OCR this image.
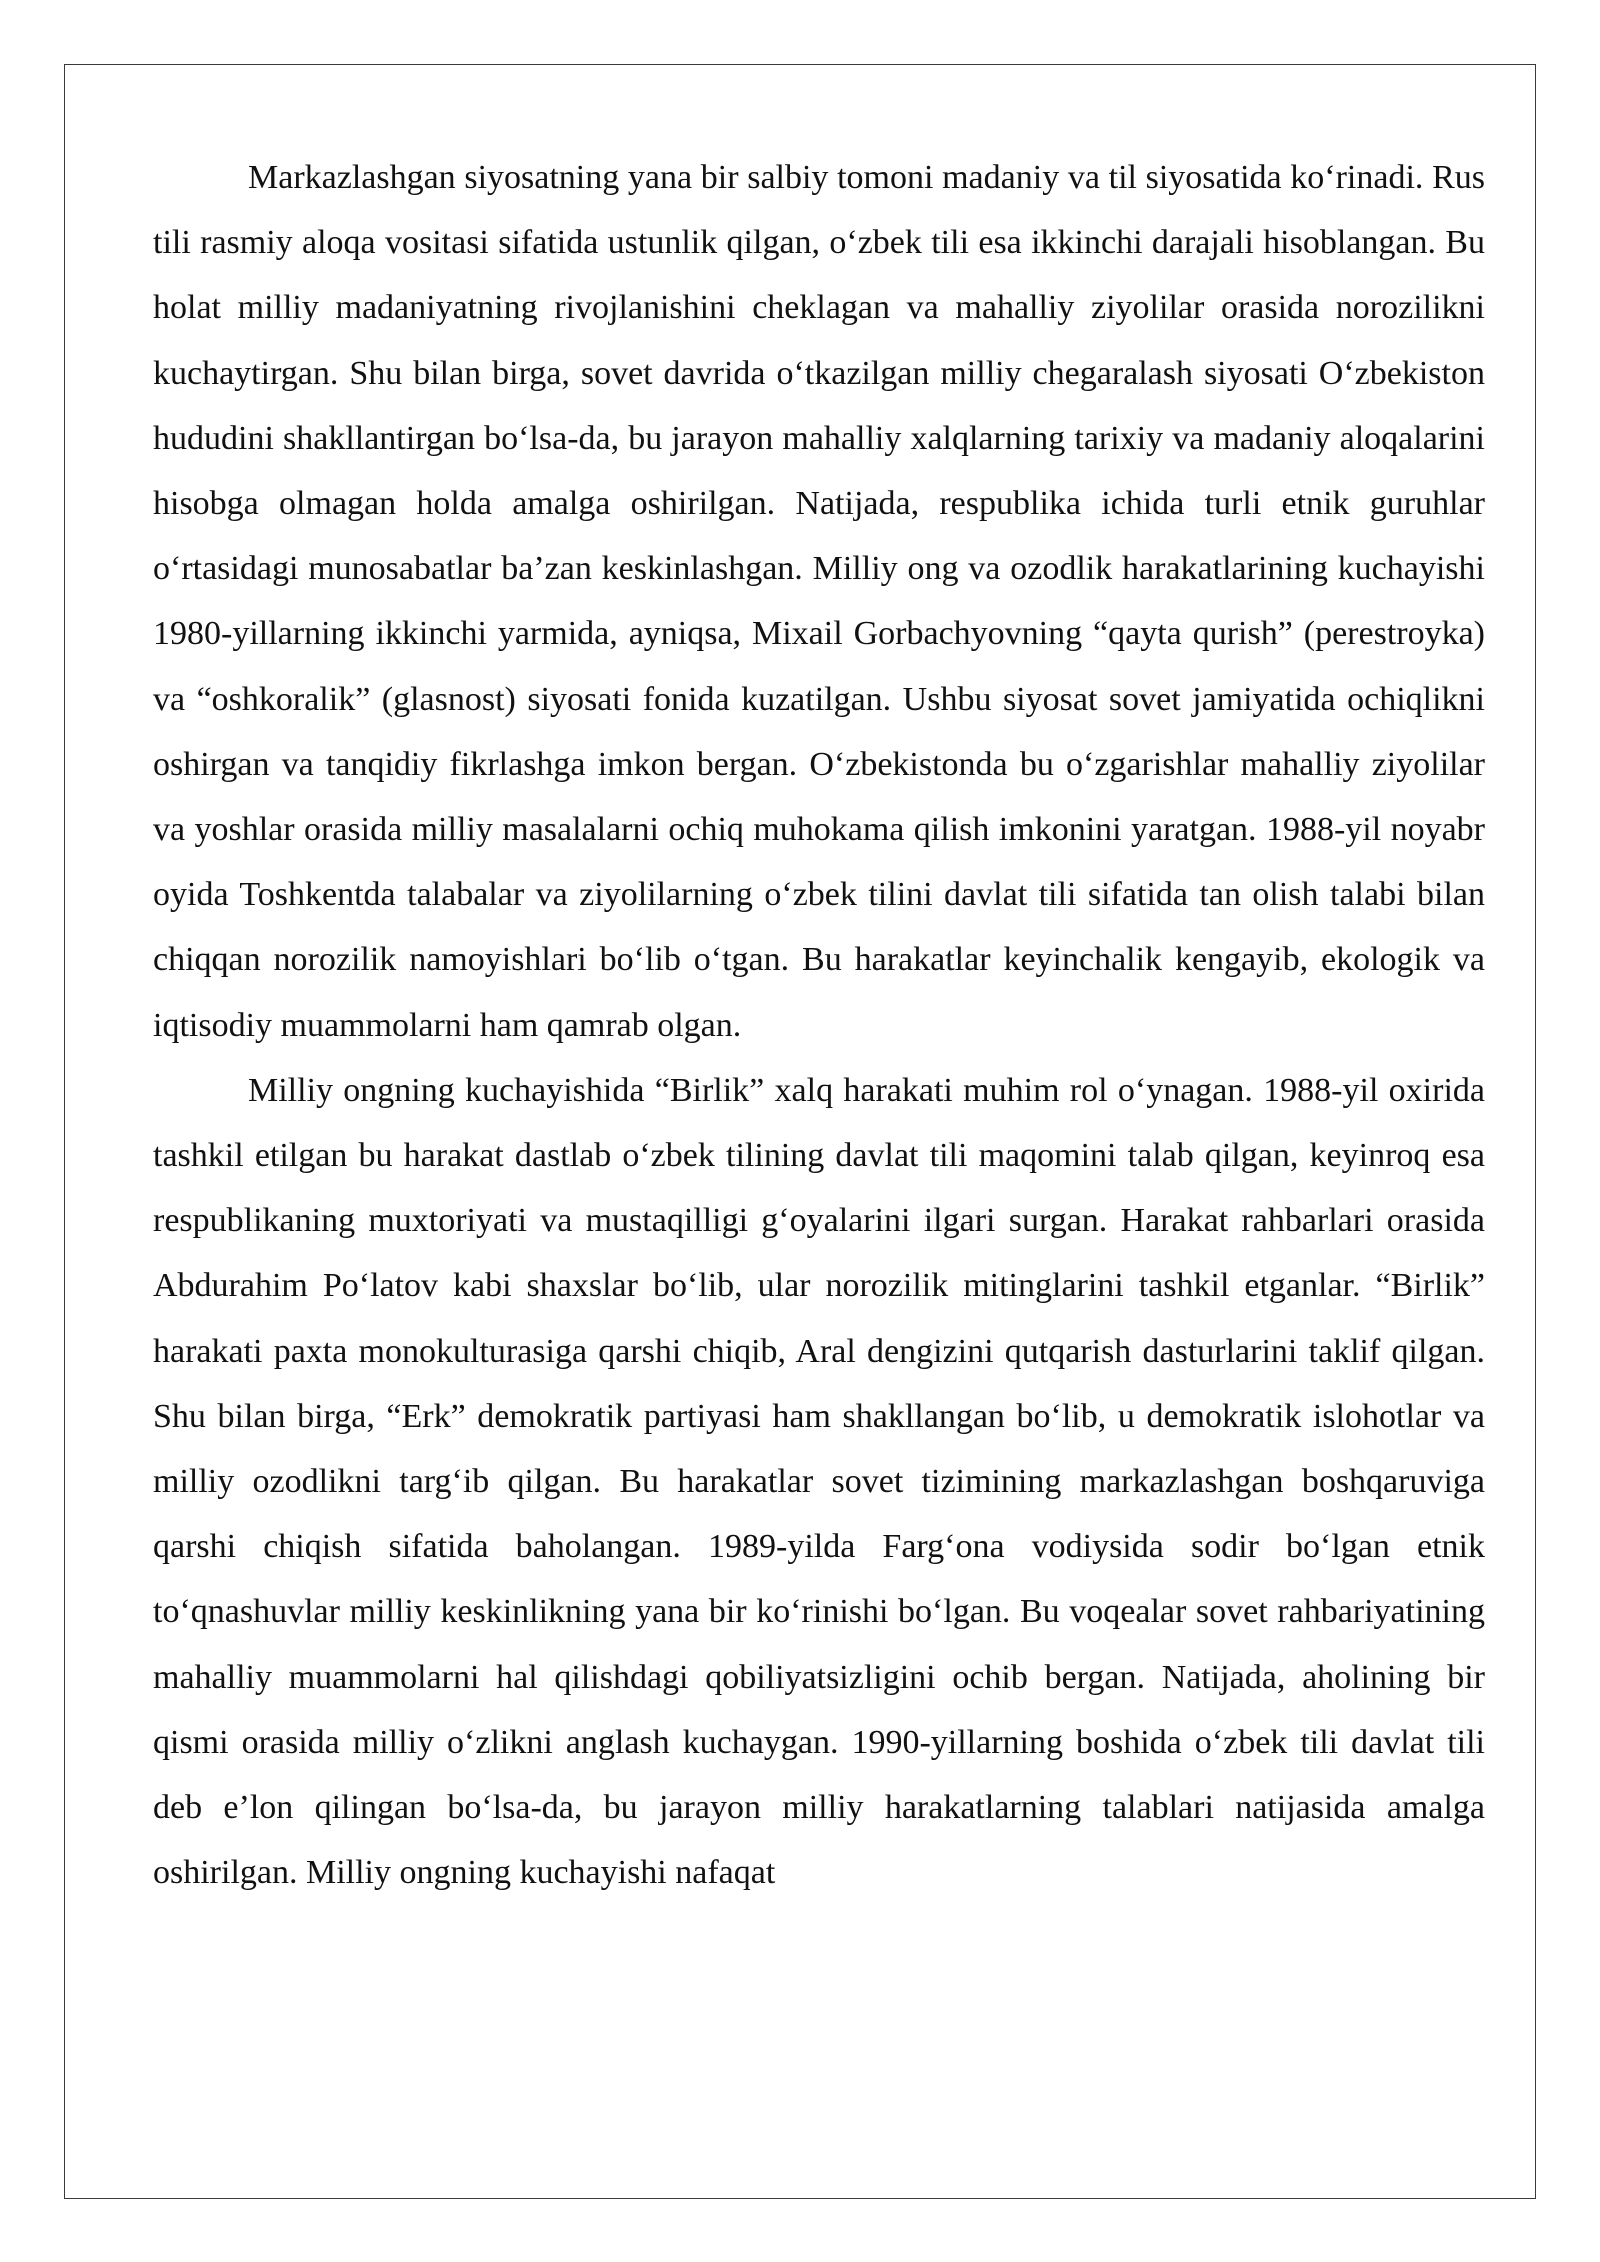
Markazlashgan siyosatning yana bir salbiy tomoni madaniy va til siyosatida ko‘rinadi. Rus tili rasmiy aloqa vositasi sifatida ustunlik qilgan, o‘zbek tili esa ikkinchi darajali hisoblangan. Bu holat milliy madaniyatning rivojlanishini cheklagan va mahalliy ziyolilar orasida norozilikni kuchaytirgan. Shu bilan birga, sovet davrida o‘tkazilgan milliy chegaralash siyosati O‘zbekiston hududini shakllantirgan bo‘lsa-da, bu jarayon mahalliy xalqlarning tarixiy va madaniy aloqalarini hisobga olmagan holda amalga oshirilgan. Natijada, respublika ichida turli etnik guruhlar o‘rtasidagi munosabatlar ba’zan keskinlashgan. Milliy ong va ozodlik harakatlarining kuchayishi 1980-yillarning ikkinchi yarmida, ayniqsa, Mixail Gorbachyovning “qayta qurish” (perestroyka) va “oshkoralik” (glasnost) siyosati fonida kuzatilgan. Ushbu siyosat sovet jamiyatida ochiqlikni oshirgan va tanqidiy fikrlashga imkon bergan. O‘zbekistonda bu o‘zgarishlar mahalliy ziyolilar va yoshlar orasida milliy masalalarni ochiq muhokama qilish imkonini yaratgan. 1988-yil noyabr oyida Toshkentda talabalar va ziyolilarning o‘zbek tilini davlat tili sifatida tan olish talabi bilan chiqqan norozilik namoyishlari bo‘lib o‘tgan. Bu harakatlar keyinchalik kengayib, ekologik va iqtisodiy muammolarni ham qamrab olgan.

Milliy ongning kuchayishida “Birlik” xalq harakati muhim rol o‘ynagan. 1988-yil oxirida tashkil etilgan bu harakat dastlab o‘zbek tilining davlat tili maqomini talab qilgan, keyinroq esa respublikaning muxtoriyati va mustaqilligi g‘oyalarini ilgari surgan. Harakat rahbarlari orasida Abdurahim Po‘latov kabi shaxslar bo‘lib, ular norozilik mitinglarini tashkil etganlar. “Birlik” harakati paxta monokulturasiga qarshi chiqib, Aral dengizini qutqarish dasturlarini taklif qilgan. Shu bilan birga, “Erk” demokratik partiyasi ham shakllangan bo‘lib, u demokratik islohotlar va milliy ozodlikni targ‘ib qilgan. Bu harakatlar sovet tizimining markazlashgan boshqaruviga qarshi chiqish sifatida baholangan. 1989-yilda Farg‘ona vodiysida sodir bo‘lgan etnik to‘qnashuvlar milliy keskinlikning yana bir ko‘rinishi bo‘lgan. Bu voqealar sovet rahbariyatining mahalliy muammolarni hal qilishdagi qobiliyatsizligini ochib bergan. Natijada, aholining bir qismi orasida milliy o‘zlikni anglash kuchaygan. 1990-yillarning boshida o‘zbek tili davlat tili deb e’lon qilingan bo‘lsa-da, bu jarayon milliy harakatlarning talablari natijasida amalga oshirilgan. Milliy ongning kuchayishi nafaqat
